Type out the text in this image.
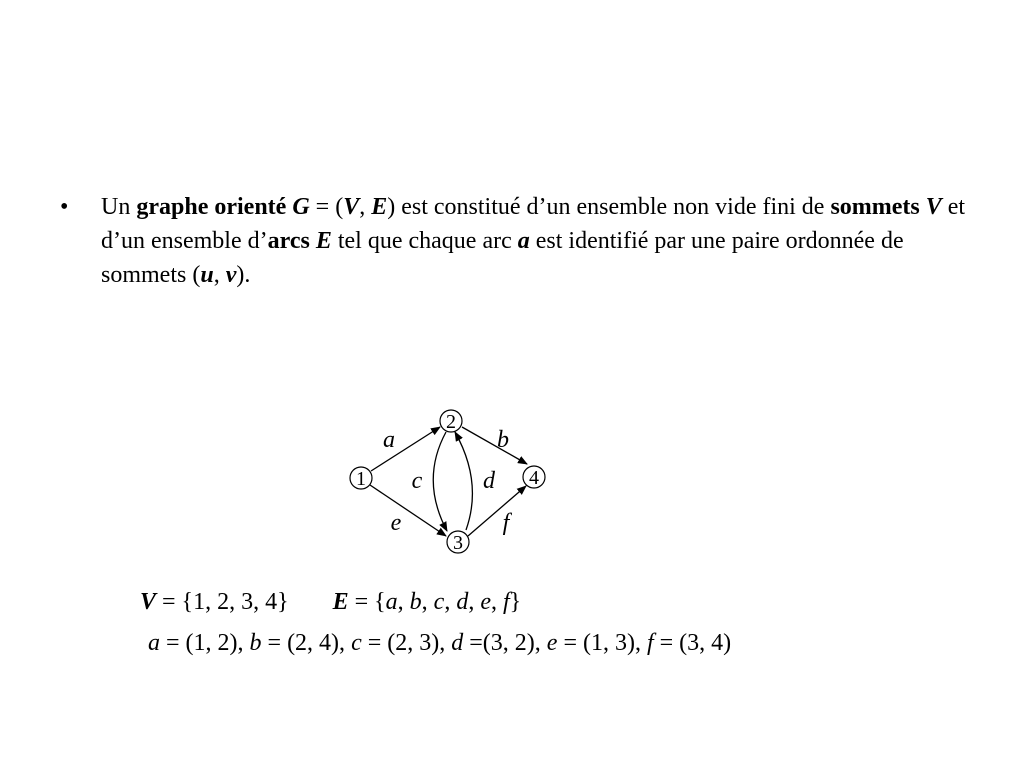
•	Un graphe orienté G = (V, E) est constitué d’un ensemble non vide fini de sommets V et d’un ensemble d’arcs E tel que chaque arc a est identifié par une paire ordonnée de sommets (u, v).
1
2
3
4
a	b
c	d
e	f
V = {1, 2, 3, 4} E = {a, b, c, d, e, f}
a = (1, 2), b = (2, 4), c = (2, 3), d =(3, 2), e = (1, 3), f = (3, 4)
